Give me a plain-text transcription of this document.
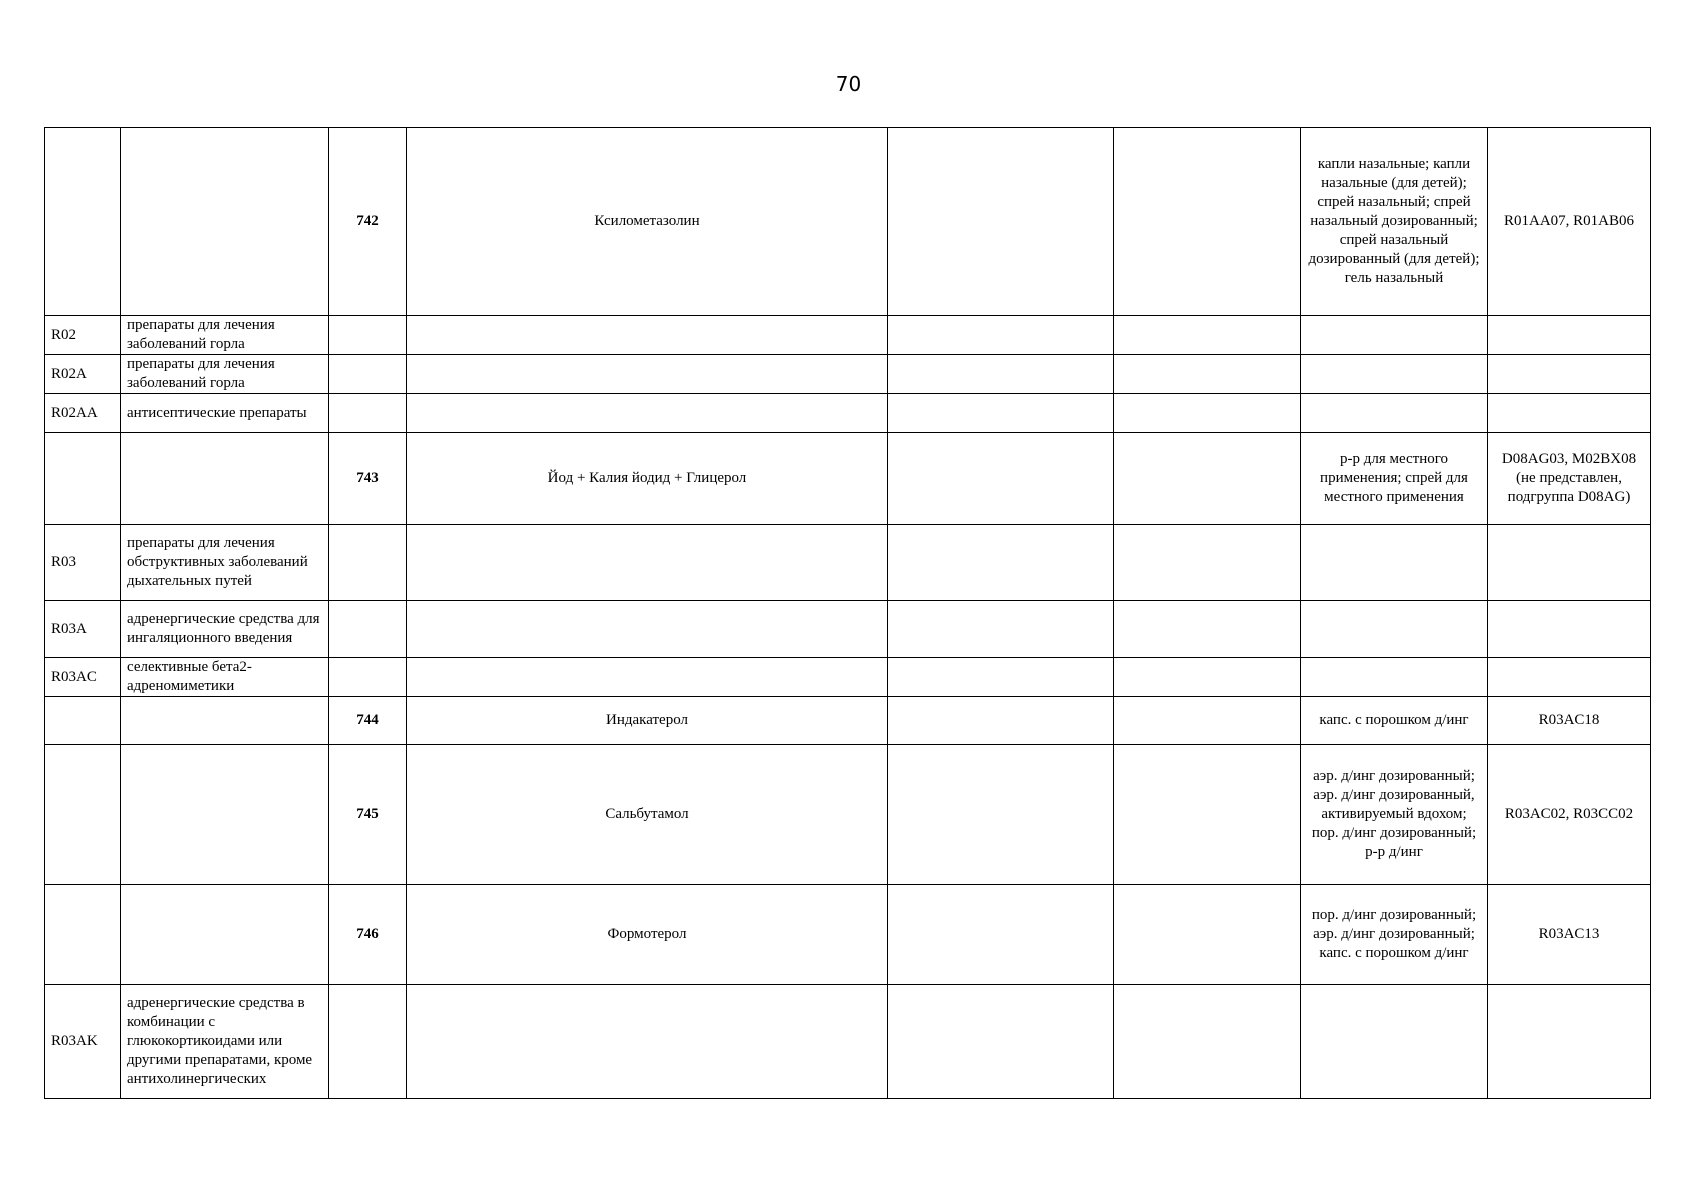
70
		742	Ксилометазолин			капли назальные; капли назальные (для детей); спрей назальный; спрей назальный дозированный; спрей назальный дозированный (для детей); гель назальный	R01AA07, R01AB06
R02	препараты для лечения заболеваний горла						
R02A	препараты для лечения заболеваний горла						
R02AA	антисептические препараты						
		743	Йод + Калия йодид + Глицерол			р-р для местного применения; спрей для местного применения	D08AG03, M02BX08 (не представлен, подгруппа D08AG)
R03	препараты для лечения обструктивных заболеваний дыхательных путей						
R03A	адренергические средства для ингаляционного введения						
R03AC	селективные бета2-адреномиметики						
		744	Индакатерол			капс. с порошком д/инг	R03AC18
		745	Сальбутамол			аэр. д/инг дозированный; аэр. д/инг дозированный, активируемый вдохом; пор. д/инг дозированный; р-р д/инг	R03AC02, R03CC02
		746	Формотерол			пор. д/инг дозированный; аэр. д/инг дозированный; капс. с порошком д/инг	R03AC13
R03AK	адренергические средства в комбинации с глюкокортикоидами или другими препаратами, кроме антихолинергических						
